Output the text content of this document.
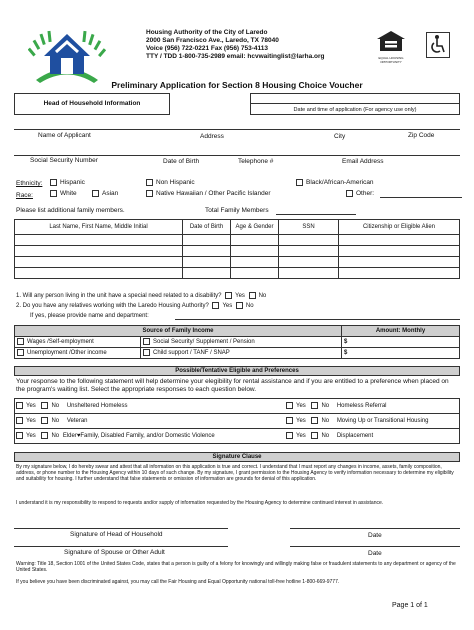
Housing Authority of the City of Laredo
2000 San Francisco Ave., Laredo, TX 78040
Voice (956) 722-0221 Fax (956) 753-4113
TTY / TDD 1-800-735-2989 email: hcvwaitinglist@larha.org	EQUAL HOUSING OPPORTUNITY
Preliminary Application for Section 8 Housing Choice Voucher
Head of Household Information
Date and time of application (For agency use only)
Name of Applicant	Address	City	Zip Code
Social Security Number	Date of Birth	Telephone #	Email Address
Ethnicity:	Hispanic	Non Hispanic	Black/African-American
Race:	White	Asian	Native Hawaiian / Other Pacific Islander	Other:
Please list additional family members.	Total Family Members
Last Name, First Name, Middle Initial	Date of Birth	Age & Gender	SSN	Citizenship or Eligible Alien

1. Will any person living in the unit have a special need related to a disability? Yes No
2. Do you have any relatives working with the Laredo Housing Authority? Yes No
If yes, please provide name and department:
Source of Family Income		Amount: Monthly
Wages /Self-employment	Social Security/ Supplement / Pension	$
Unemployment /Other income	Child support / TANF / SNAP	$
Possible/Tentative Eligible and Preferences
Your response to the following statement will help determine your elegibility for rental assistance and if you are entitled to a preference when placed on the program's waiting list. Select the appropriate responses to each question below.
Yes	No Unsheltered Homeless	Yes	No Homeless Referral
Yes	No Veteran	Yes	No Moving Up or Transitional Housing
Yes	No Elder♥Family, Disabled Family, and/or Domestic Violence	Yes	No Displacement
Signature Clause
By my signature below, I do hereby swear and attest that all information on this application is true and correct. I understand that I must report any changes in income, assets, family composition, address, or phone number to the Housing Agency within 10 days of such change. By my signature, I grant permission to the Housing Agency to verify information necessary to determine my eligibility and suitability for housing. I further understand that false statements or omission of information are grounds for denial of this application.
I understand it is my responsibility to respond to requests and/or supply of information requested by the Housing Agency to determine continued interest in assistance.
Signature of Head of Household	Date
Signature of Spouse or Other Adult	Date
Warning: Title 18, Section 1001 of the United States Code, states that a person is guilty of a felony for knowingly and willingly making false or fraudulent statements to any department or agency of the United States.
If you believe you have been discriminated against, you may call the Fair Housing and Equal Opportunity national toll-free hotline 1-800-669-9777.
Page 1 of 1
